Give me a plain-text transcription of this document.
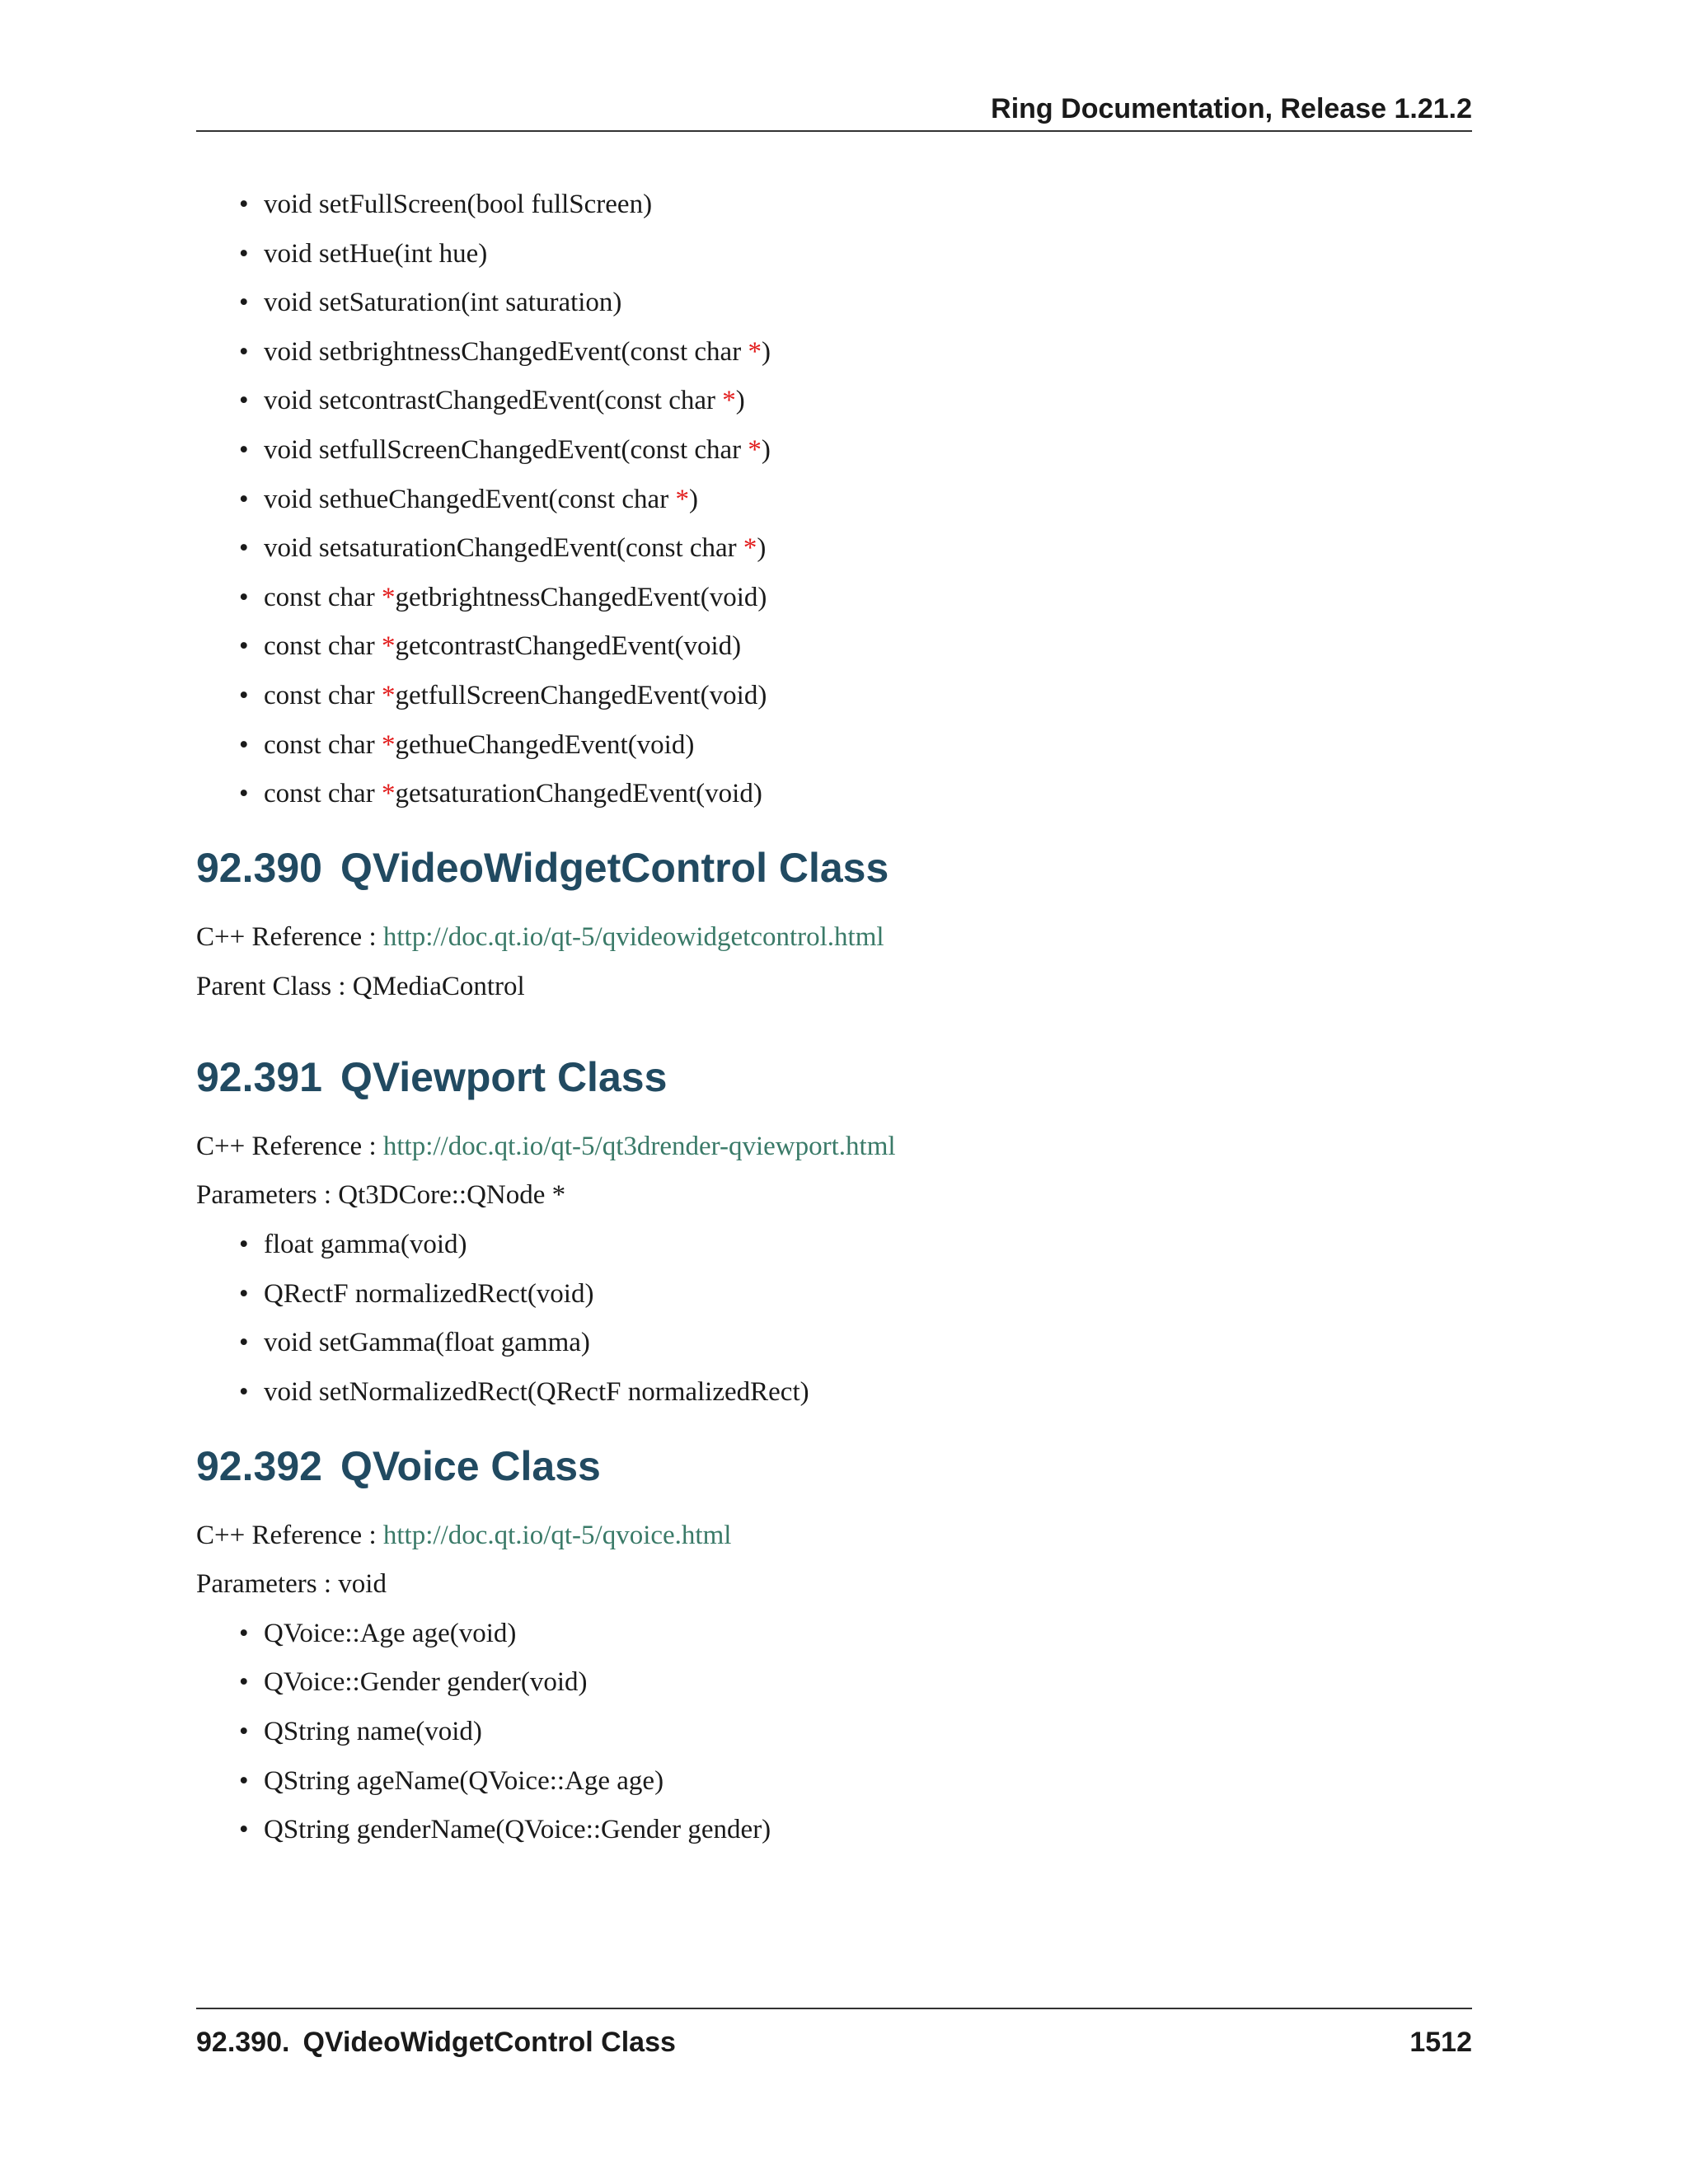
Ring Documentation, Release 1.21.2
• void setFullScreen(bool fullScreen)
• void setHue(int hue)
• void setSaturation(int saturation)
• void setbrightnessChangedEvent(const char *)
• void setcontrastChangedEvent(const char *)
• void setfullScreenChangedEvent(const char *)
• void sethueChangedEvent(const char *)
• void setsaturationChangedEvent(const char *)
• const char *getbrightnessChangedEvent(void)
• const char *getcontrastChangedEvent(void)
• const char *getfullScreenChangedEvent(void)
• const char *gethueChangedEvent(void)
• const char *getsaturationChangedEvent(void)
92.390 QVideoWidgetControl Class

C++ Reference : http://doc.qt.io/qt-5/qvideowidgetcontrol.html

Parent Class : QMediaControl

92.391 QViewport Class

C++ Reference : http://doc.qt.io/qt-5/qt3drender-qviewport.html

Parameters : Qt3DCore::QNode *

• float gamma(void)
• QRectF normalizedRect(void)
• void setGamma(float gamma)
• void setNormalizedRect(QRectF normalizedRect)
92.392 QVoice Class

C++ Reference : http://doc.qt.io/qt-5/qvoice.html

Parameters : void

• QVoice::Age age(void)
• QVoice::Gender gender(void)
• QString name(void)
• QString ageName(QVoice::Age age)
• QString genderName(QVoice::Gender gender)
92.390. QVideoWidgetControl Class	1512
